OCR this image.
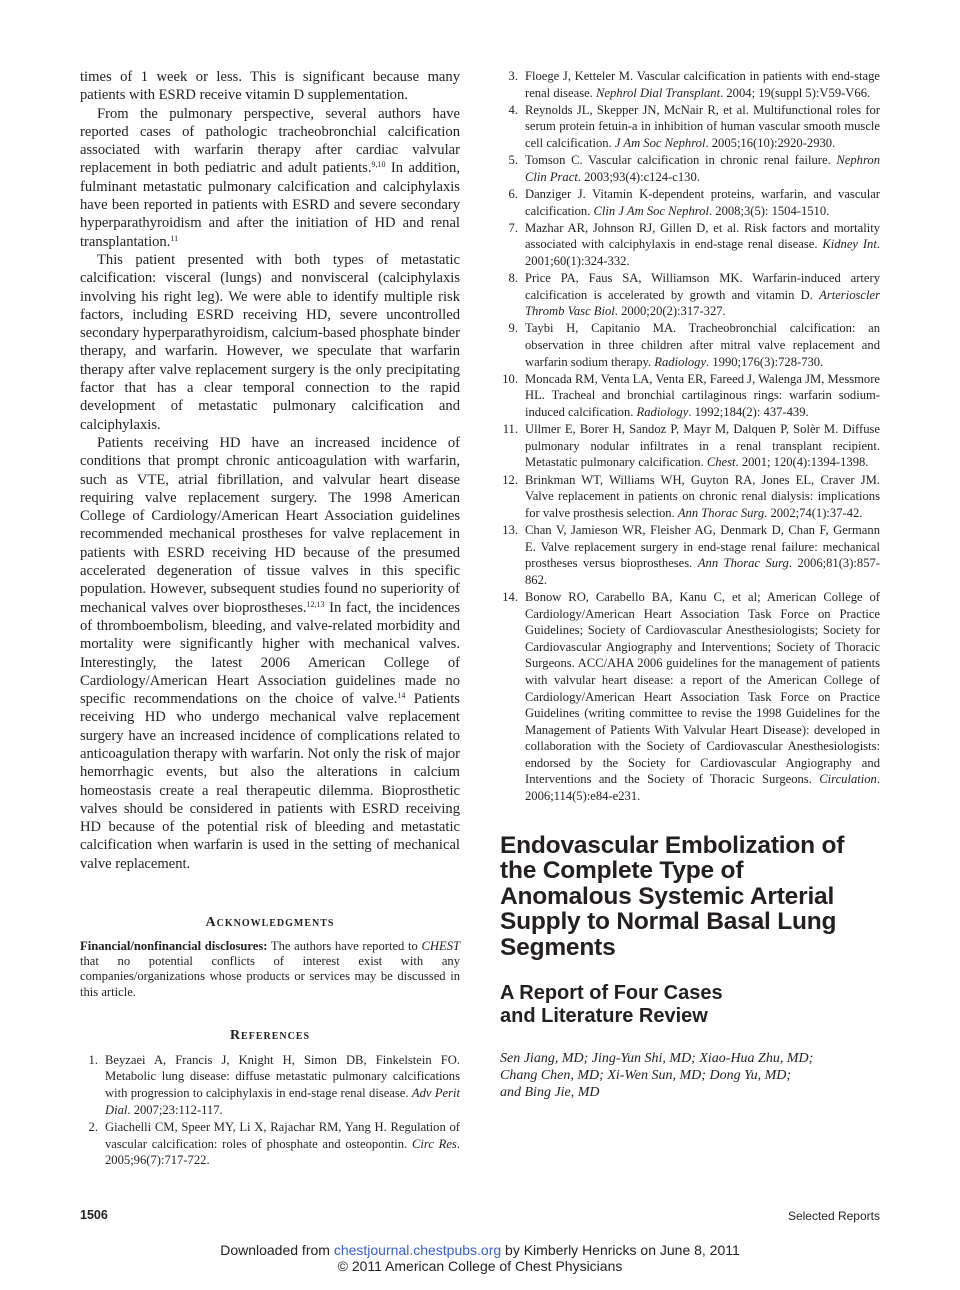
times of 1 week or less. This is significant because many patients with ESRD receive vitamin D supplementation.

From the pulmonary perspective, several authors have reported cases of pathologic tracheobronchial calcification associated with warfarin therapy after cardiac valvular replacement in both pediatric and adult patients.$^{9,10}$ In addition, fulminant metastatic pulmonary calcification and calciphylaxis have been reported in patients with ESRD and severe secondary hyperparathyroidism and after the initiation of HD and renal transplantation.$^{11}$

This patient presented with both types of metastatic calcification: visceral (lungs) and nonvisceral (calciphylaxis involving his right leg). We were able to identify multiple risk factors, including ESRD receiving HD, severe uncontrolled secondary hyperparathyroidism, calcium-based phosphate binder therapy, and warfarin. However, we speculate that warfarin therapy after valve replacement surgery is the only precipitating factor that has a clear temporal connection to the rapid development of metastatic pulmonary calcification and calciphylaxis.

Patients receiving HD have an increased incidence of conditions that prompt chronic anticoagulation with warfarin, such as VTE, atrial fibrillation, and valvular heart disease requiring valve replacement surgery. The 1998 American College of Cardiology/American Heart Association guidelines recommended mechanical prostheses for valve replacement in patients with ESRD receiving HD because of the presumed accelerated degeneration of tissue valves in this specific population. However, subsequent studies found no superiority of mechanical valves over bioprostheses.$^{12,13}$ In fact, the incidences of thromboembolism, bleeding, and valve-related morbidity and mortality were significantly higher with mechanical valves. Interestingly, the latest 2006 American College of Cardiology/American Heart Association guidelines made no specific recommendations on the choice of valve.$^{14}$ Patients receiving HD who undergo mechanical valve replacement surgery have an increased incidence of complications related to anticoagulation therapy with warfarin. Not only the risk of major hemorrhagic events, but also the alterations in calcium homeostasis create a real therapeutic dilemma. Bioprosthetic valves should be considered in patients with ESRD receiving HD because of the potential risk of bleeding and metastatic calcification when warfarin is used in the setting of mechanical valve replacement.

Acknowledgments

Financial/nonfinancial disclosures: The authors have reported to CHEST that no potential conflicts of interest exist with any companies/organizations whose products or services may be discussed in this article.

References
1. Beyzaei A, Francis J, Knight H, Simon DB, Finkelstein FO. Metabolic lung disease: diffuse metastatic pulmonary calcifications with progression to calciphylaxis in end-stage renal disease. Adv Perit Dial. 2007;23:112-117.
2. Giachelli CM, Speer MY, Li X, Rajachar RM, Yang H. Regulation of vascular calcification: roles of phosphate and osteopontin. Circ Res. 2005;96(7):717-722.
3. Floege J, Ketteler M. Vascular calcification in patients with end-stage renal disease. Nephrol Dial Transplant. 2004; 19(suppl 5):V59-V66.
4. Reynolds JL, Skepper JN, McNair R, et al. Multifunctional roles for serum protein fetuin-a in inhibition of human vascular smooth muscle cell calcification. J Am Soc Nephrol. 2005;16(10):2920-2930.
5. Tomson C. Vascular calcification in chronic renal failure. Nephron Clin Pract. 2003;93(4):c124-c130.
6. Danziger J. Vitamin K-dependent proteins, warfarin, and vascular calcification. Clin J Am Soc Nephrol. 2008;3(5): 1504-1510.
7. Mazhar AR, Johnson RJ, Gillen D, et al. Risk factors and mortality associated with calciphylaxis in end-stage renal disease. Kidney Int. 2001;60(1):324-332.
8. Price PA, Faus SA, Williamson MK. Warfarin-induced artery calcification is accelerated by growth and vitamin D. Arterioscler Thromb Vasc Biol. 2000;20(2):317-327.
9. Taybi H, Capitanio MA. Tracheobronchial calcification: an observation in three children after mitral valve replacement and warfarin sodium therapy. Radiology. 1990;176(3):728-730.
10. Moncada RM, Venta LA, Venta ER, Fareed J, Walenga JM, Messmore HL. Tracheal and bronchial cartilaginous rings: warfarin sodium-induced calcification. Radiology. 1992;184(2): 437-439.
11. Ullmer E, Borer H, Sandoz P, Mayr M, Dalquen P, Solèr M. Diffuse pulmonary nodular infiltrates in a renal transplant recipient. Metastatic pulmonary calcification. Chest. 2001; 120(4):1394-1398.
12. Brinkman WT, Williams WH, Guyton RA, Jones EL, Craver JM. Valve replacement in patients on chronic renal dialysis: implications for valve prosthesis selection. Ann Thorac Surg. 2002;74(1):37-42.
13. Chan V, Jamieson WR, Fleisher AG, Denmark D, Chan F, Germann E. Valve replacement surgery in end-stage renal failure: mechanical prostheses versus bioprostheses. Ann Thorac Surg. 2006;81(3):857-862.
14. Bonow RO, Carabello BA, Kanu C, et al; American College of Cardiology/American Heart Association Task Force on Practice Guidelines; Society of Cardiovascular Anesthesiologists; Society for Cardiovascular Angiography and Interventions; Society of Thoracic Surgeons. ACC/AHA 2006 guidelines for the management of patients with valvular heart disease: a report of the American College of Cardiology/American Heart Association Task Force on Practice Guidelines (writing committee to revise the 1998 Guidelines for the Management of Patients With Valvular Heart Disease): developed in collaboration with the Society of Cardiovascular Anesthesiologists: endorsed by the Society for Cardiovascular Angiography and Interventions and the Society of Thoracic Surgeons. Circulation. 2006;114(5):e84-e231.
Endovascular Embolization of the Complete Type of Anomalous Systemic Arterial Supply to Normal Basal Lung Segments
A Report of Four Cases
and Literature Review

Sen Jiang, MD; Jing-Yun Shi, MD; Xiao-Hua Zhu, MD;
Chang Chen, MD; Xi-Wen Sun, MD; Dong Yu, MD;
and Bing Jie, MD

1506	Selected Reports
Downloaded from chestjournal.chestpubs.org by Kimberly Henricks on June 8, 2011
© 2011 American College of Chest Physicians
